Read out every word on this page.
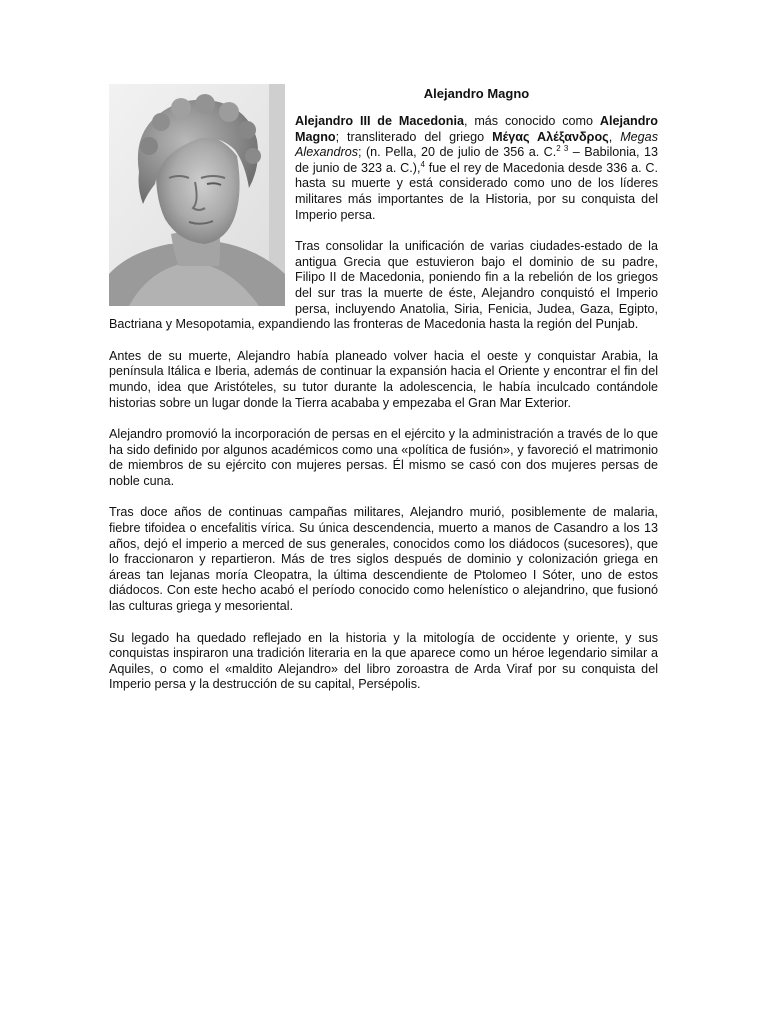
Alejandro Magno

Alejandro III de Macedonia, más conocido como Alejandro Magno; transliterado del griego Μέγας Αλέξανδρος, Megas Alexandros; (n. Pella, 20 de julio de 356 a. C.$^{2 3}$ – Babilonia, 13 de junio de 323 a. C.),$^4$ fue el rey de Macedonia desde 336 a. C. hasta su muerte y está considerado como uno de los líderes militares más importantes de la Historia, por su conquista del Imperio persa.

Tras consolidar la unificación de varias ciudades-estado de la antigua Grecia que estuvieron bajo el dominio de su padre, Filipo II de Macedonia, poniendo fin a la rebelión de los griegos del sur tras la muerte de éste, Alejandro conquistó el Imperio persa, incluyendo Anatolia, Siria, Fenicia, Judea, Gaza, Egipto, Bactriana y Mesopotamia, expandiendo las fronteras de Macedonia hasta la región del Punjab.

Antes de su muerte, Alejandro había planeado volver hacia el oeste y conquistar Arabia, la península Itálica e Iberia, además de continuar la expansión hacia el Oriente y encontrar el fin del mundo, idea que Aristóteles, su tutor durante la adolescencia, le había inculcado contándole historias sobre un lugar donde la Tierra acababa y empezaba el Gran Mar Exterior.

Alejandro promovió la incorporación de persas en el ejército y la administración a través de lo que ha sido definido por algunos académicos como una «política de fusión», y favoreció el matrimonio de miembros de su ejército con mujeres persas. Él mismo se casó con dos mujeres persas de noble cuna.

Tras doce años de continuas campañas militares, Alejandro murió, posiblemente de malaria, fiebre tifoidea o encefalitis vírica. Su única descendencia, muerto a manos de Casandro a los 13 años, dejó el imperio a merced de sus generales, conocidos como los diádocos (sucesores), que lo fraccionaron y repartieron. Más de tres siglos después de dominio y colonización griega en áreas tan lejanas moría Cleopatra, la última descendiente de Ptolomeo I Sóter, uno de estos diádocos. Con este hecho acabó el período conocido como helenístico o alejandrino, que fusionó las culturas griega y mesoriental.

Su legado ha quedado reflejado en la historia y la mitología de occidente y oriente, y sus conquistas inspiraron una tradición literaria en la que aparece como un héroe legendario similar a Aquiles, o como el «maldito Alejandro» del libro zoroastra de Arda Viraf por su conquista del Imperio persa y la destrucción de su capital, Persépolis.
